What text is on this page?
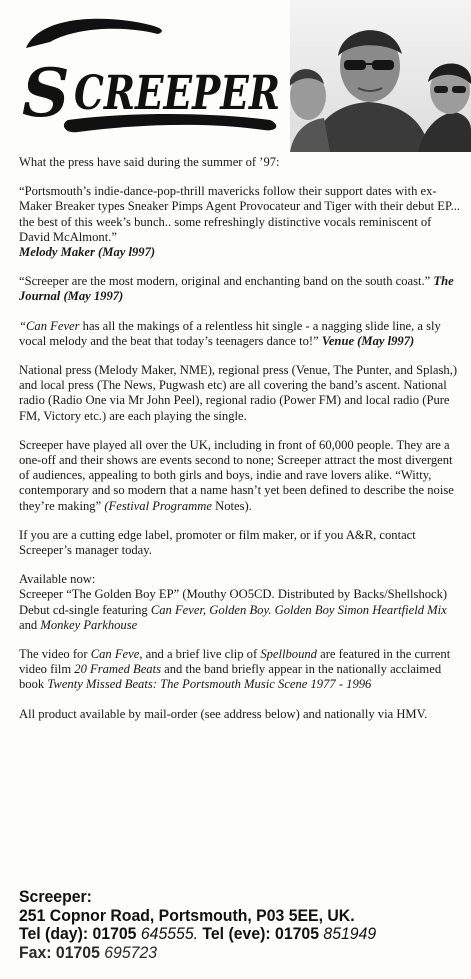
S CREEPER

What the press have said during the summer of ’97:

“Portsmouth’s indie-dance-pop-thrill mavericks follow their support dates with ex-Maker Breaker types Sneaker Pimps Agent Provocateur and Tiger with their debut EP... the best of this week’s bunch.. some refreshingly distinctive vocals reminiscent of David McAlmont.”
Melody Maker (May l997)

“Screeper are the most modern, original and enchanting band on the south coast.” The Journal (May 1997)

“Can Fever has all the makings of a relentless hit single - a nagging slide line, a sly vocal melody and the beat that today’s teenagers dance to!” Venue (May l997)

National press (Melody Maker, NME), regional press (Venue, The Punter, and Splash,) and local press (The News, Pugwash etc) are all covering the band’s ascent. National radio (Radio One via Mr John Peel), regional radio (Power FM) and local radio (Pure FM, Victory etc.) are each playing the single.

Screeper have played all over the UK, including in front of 60,000 people. They are a one-off and their shows are events second to none; Screeper attract the most divergent of audiences, appealing to both girls and boys, indie and rave lovers alike. “Witty, contemporary and so modern that a name hasn’t yet been defined to describe the noise they’re making” (Festival Programme Notes).

If you are a cutting edge label, promoter or film maker, or if you A&R, contact Screeper’s manager today.

Available now:

Screeper “The Golden Boy EP” (Mouthy OO5CD. Distributed by Backs/Shellshock)

Debut cd-single featuring Can Fever, Golden Boy. Golden Boy Simon Heartfield Mix and Monkey Parkhouse

The video for Can Feve, and a brief live clip of Spellbound are featured in the current video film 20 Framed Beats and the band briefly appear in the nationally acclaimed book Twenty Missed Beats: The Portsmouth Music Scene 1977 - 1996

All product available by mail-order (see address below) and nationally via HMV.

Screeper:
251 Copnor Road, Portsmouth, P03 5EE, UK.
Tel (day): 01705 645555. Tel (eve): 01705 851949
Fax: 01705 695723
